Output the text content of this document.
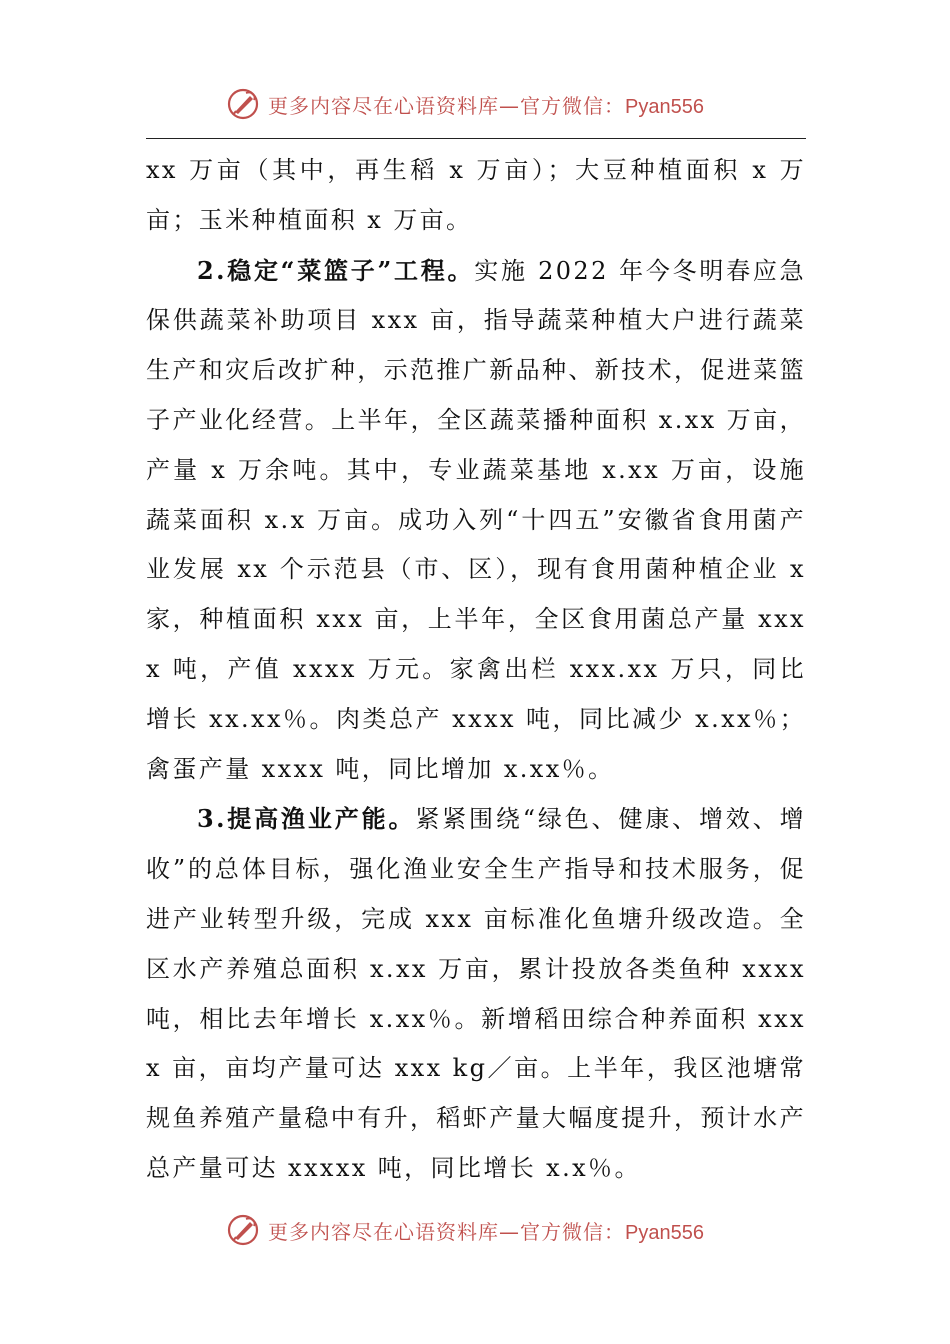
更多内容尽在心语资料库—官方微信：Pyan556

xx 万亩（其中，再生稻 x 万亩）；大豆种植面积 x 万亩；玉米种植面积 x 万亩。

2.稳定“菜篮子”工程。实施 2022 年今冬明春应急保供蔬菜补助项目 xxx 亩，指导蔬菜种植大户进行蔬菜生产和灾后改扩种，示范推广新品种、新技术，促进菜篮子产业化经营。上半年，全区蔬菜播种面积 x.xx 万亩，产量 x 万余吨。其中，专业蔬菜基地 x.xx 万亩，设施蔬菜面积 x.x 万亩。成功入列“十四五”安徽省食用菌产业发展 xx 个示范县（市、区），现有食用菌种植企业 x 家，种植面积 xxx 亩，上半年，全区食用菌总产量 xxxx 吨，产值 xxxx 万元。家禽出栏 xxx.xx 万只，同比增长 xx.xx％。肉类总产 xxxx 吨，同比减少 x.xx％；禽蛋产量 xxxx 吨，同比增加 x.xx％。

3.提高渔业产能。紧紧围绕“绿色、健康、增效、增收”的总体目标，强化渔业安全生产指导和技术服务，促进产业转型升级，完成 xxx 亩标准化鱼塘升级改造。全区水产养殖总面积 x.xx 万亩，累计投放各类鱼种 xxxx 吨，相比去年增长 x.xx％。新增稻田综合种养面积 xxxx 亩，亩均产量可达 xxx kg／亩。上半年，我区池塘常规鱼养殖产量稳中有升，稻虾产量大幅度提升，预计水产总产量可达 xxxxx 吨，同比增长 x.x％。

更多内容尽在心语资料库—官方微信：Pyan556
